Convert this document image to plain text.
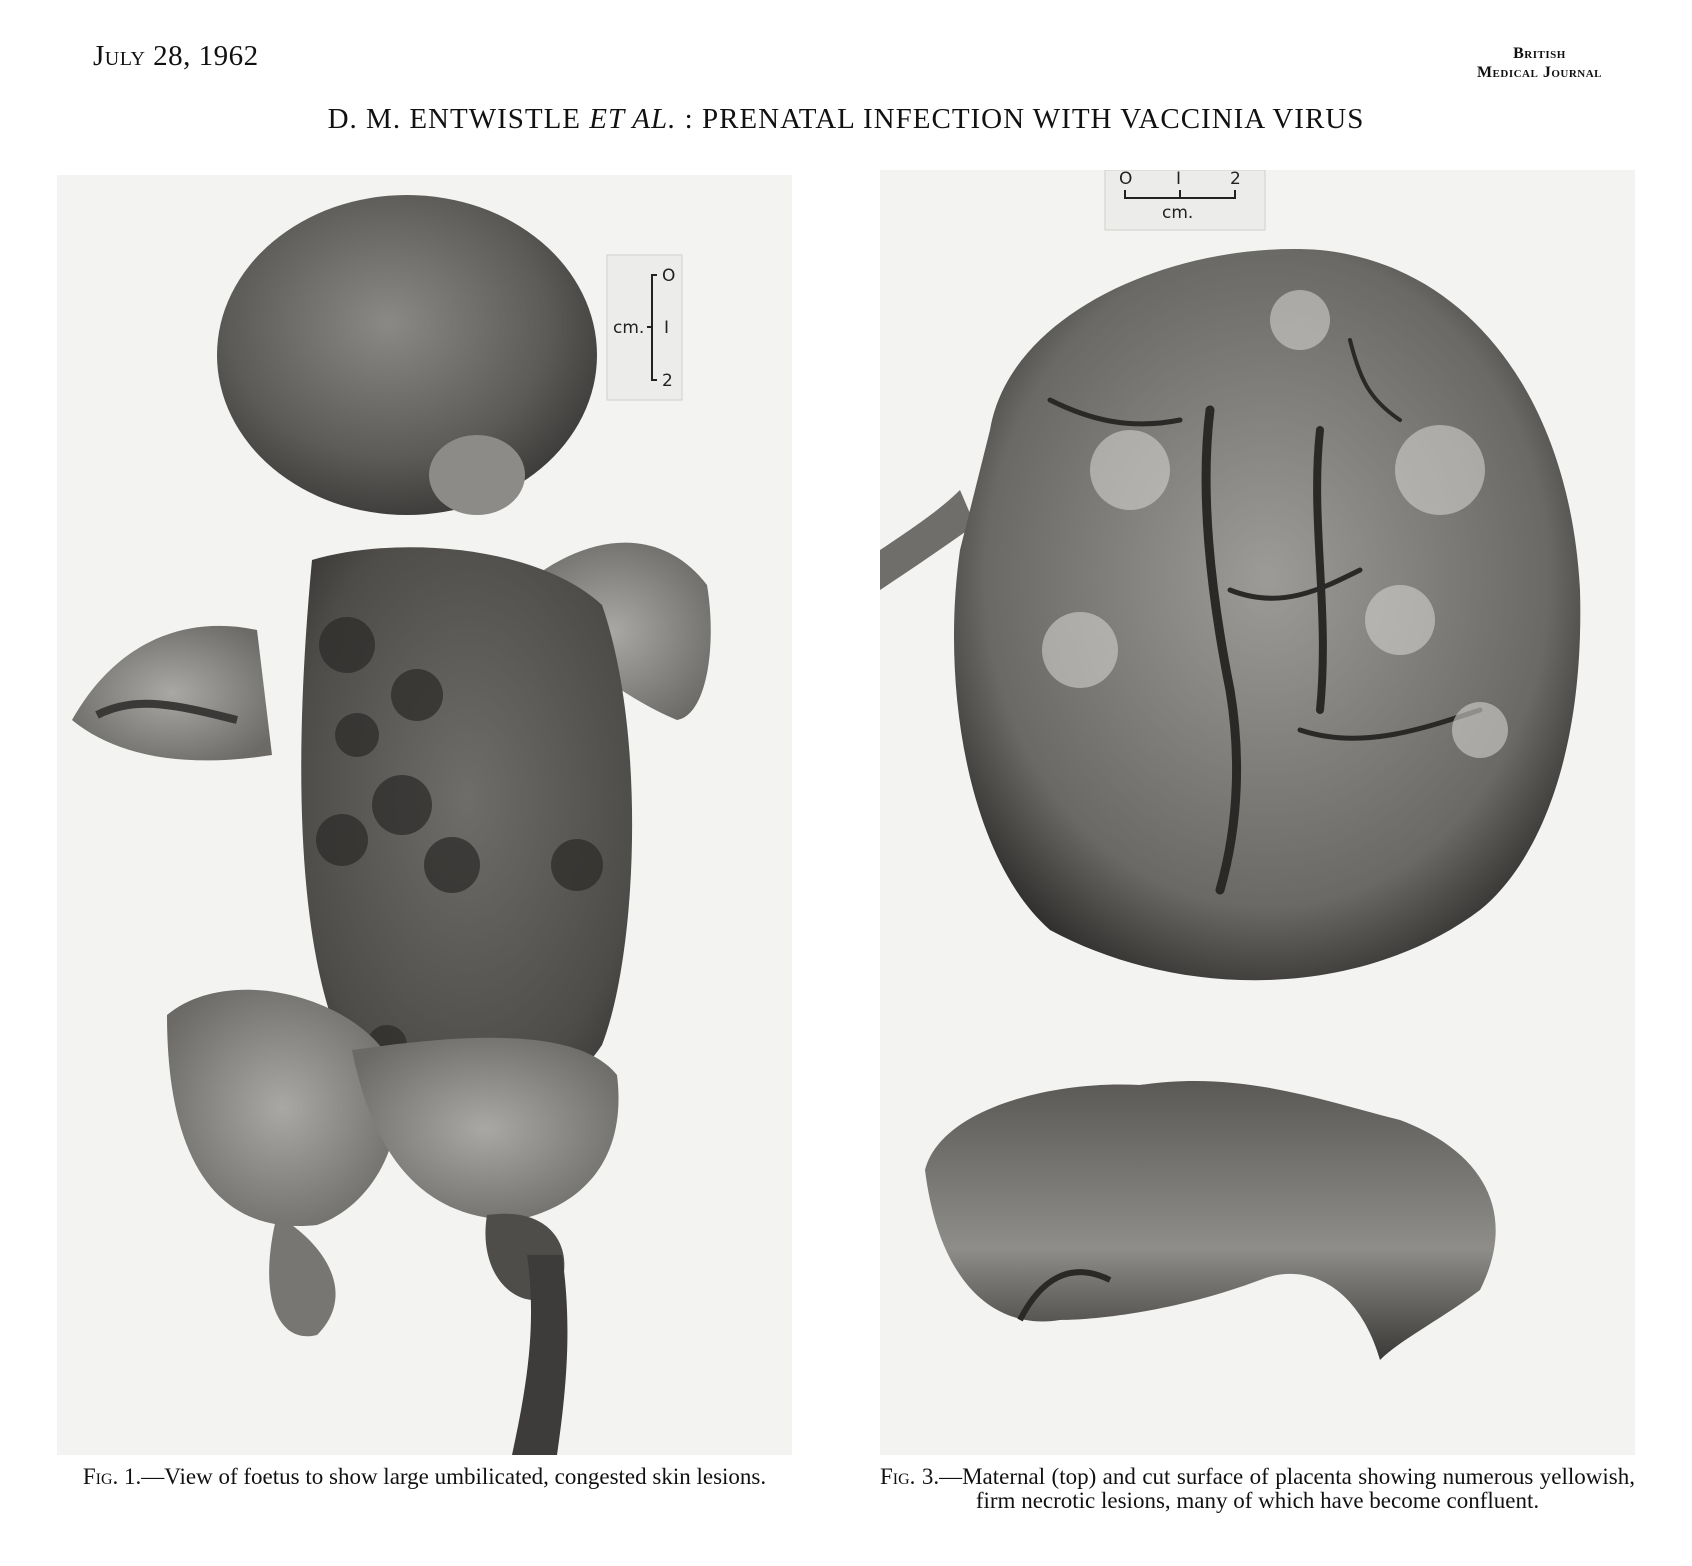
July 28, 1962	British
Medical Journal
D. M. ENTWISTLE ET AL. : PRENATAL INFECTION WITH VACCINIA VIRUS
cm.
O
I
2
O	I	2
cm.
Fig. 1.—View of foetus to show large umbilicated, congested skin lesions.	Fig. 3.—Maternal (top) and cut surface of placenta showing numerous yellowish, firm necrotic lesions, many of which have become confluent.
